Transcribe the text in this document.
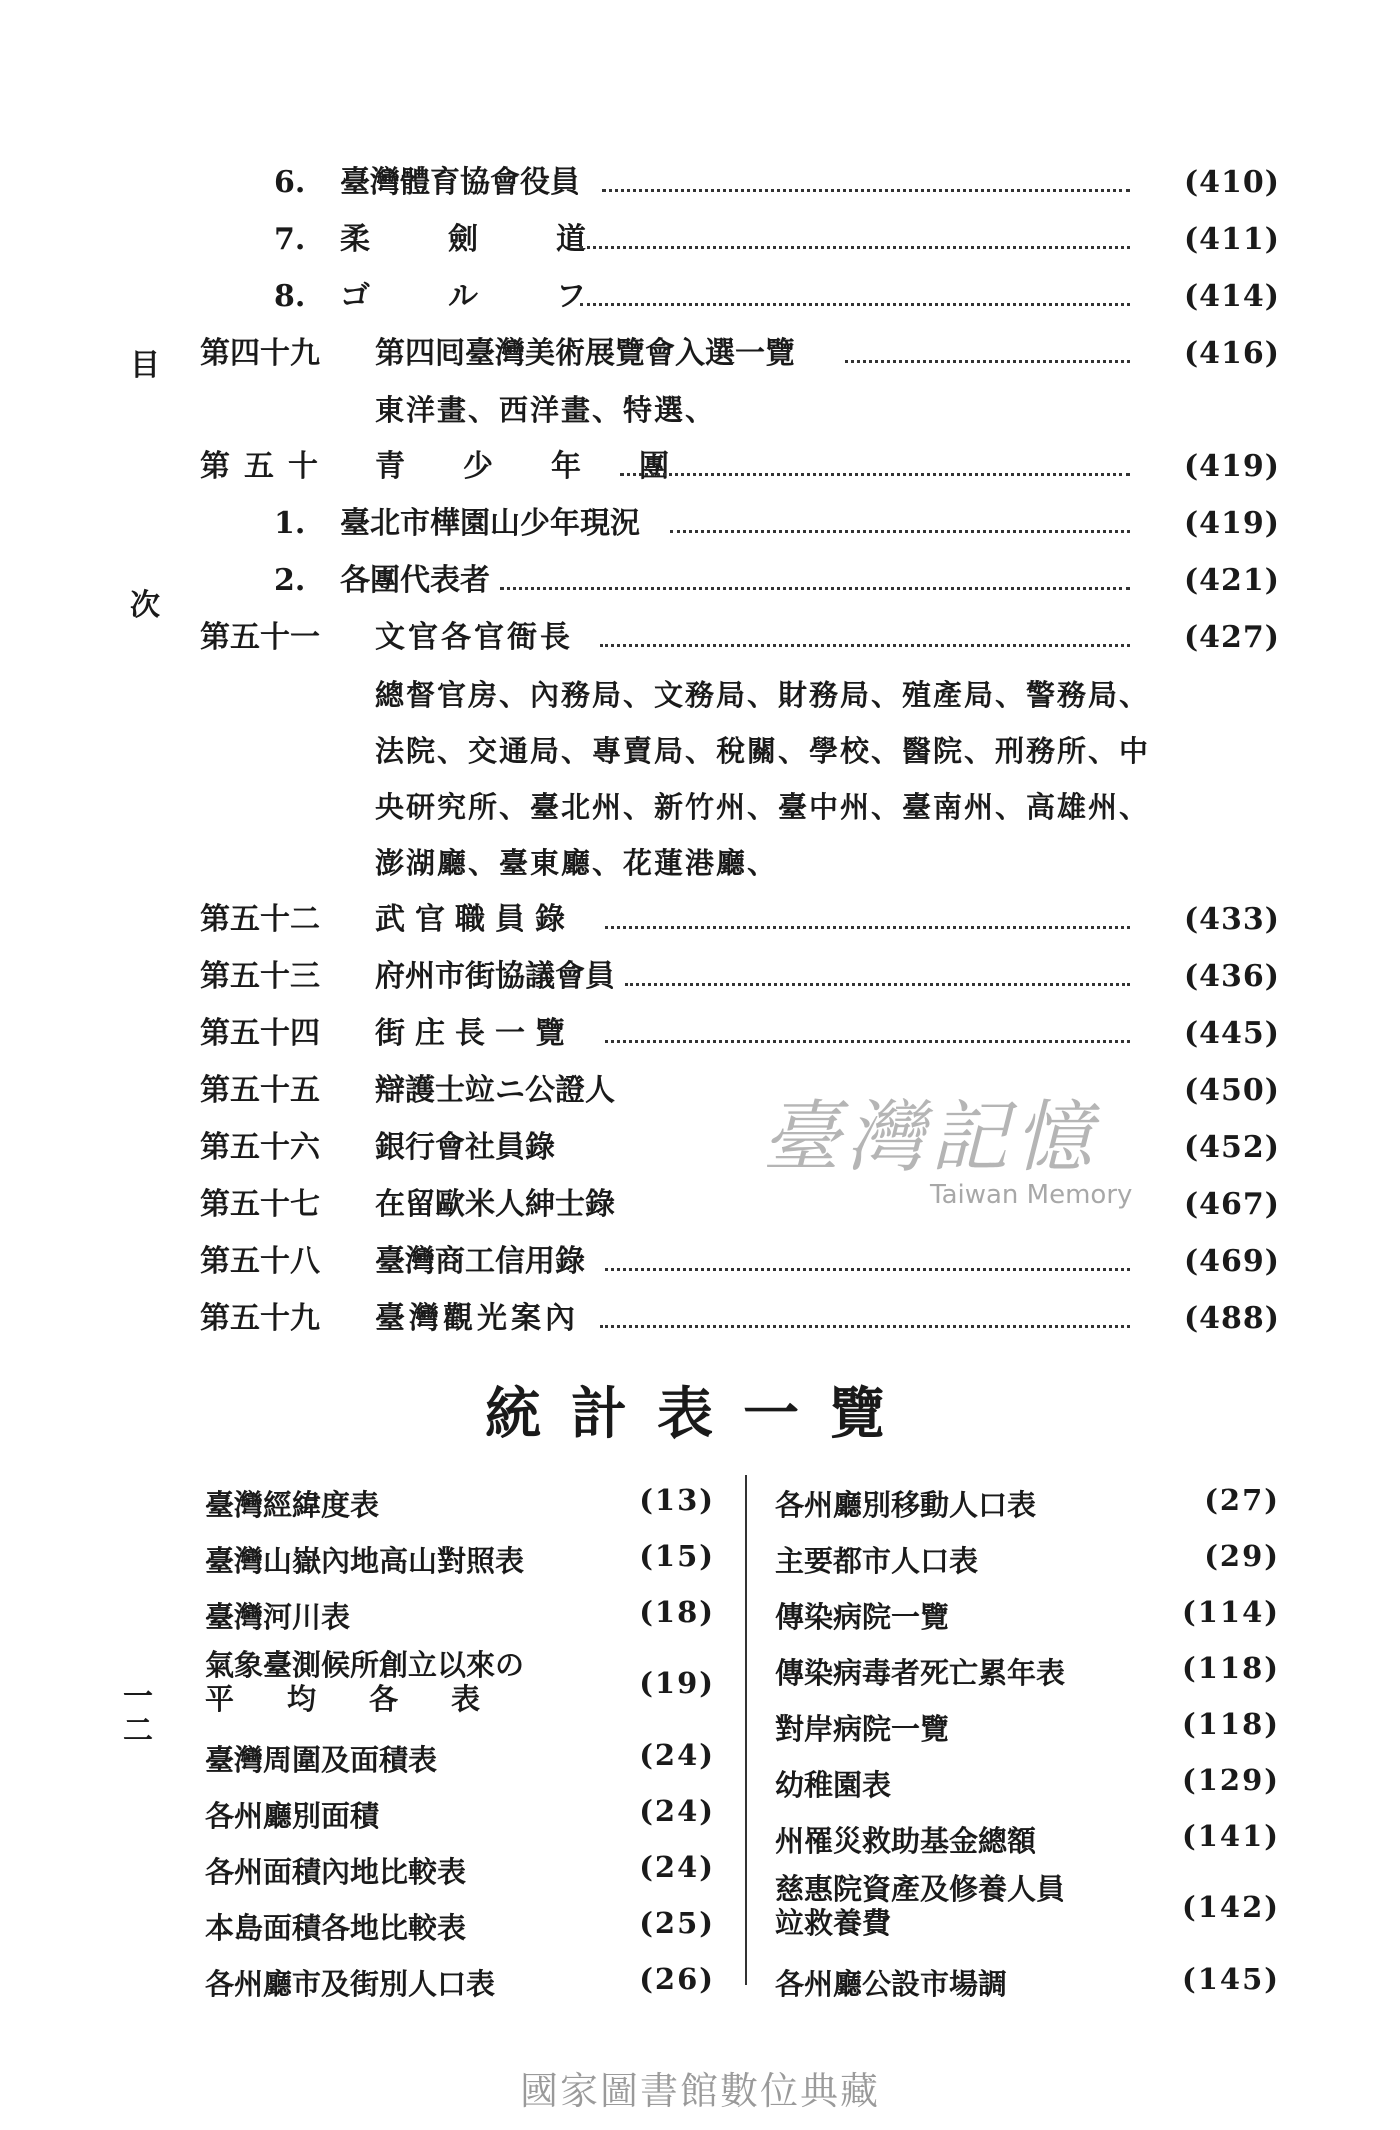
目
次
一二
6. 臺灣體育協會役員	(410)
7. 柔　劍　道	(411)
8. ゴ　ル　フ	(414)
第四十九 第四囘臺灣美術展覽會入選一覽	(416)
東洋畫、西洋畫、特選、
第五十 青　少　年　團	(419)
1. 臺北市樺園山少年現況	(419)
2. 各團代表者	(421)
第五十一 文官各官衙長	(427)
總督官房、內務局、文務局、財務局、殖產局、警務局、
法院、交通局、專賣局、稅關、學校、醫院、刑務所、中
央研究所、臺北州、新竹州、臺中州、臺南州、高雄州、
澎湖廳、臺東廳、花蓮港廳、
第五十二 武官職員錄	(433)
第五十三 府州市街協議會員	(436)
第五十四 街庄長一覽	(445)
第五十五 辯護士竝ニ公證人	(450)
第五十六 銀行會社員錄	(452)
第五十七 在留歐米人紳士錄	(467)
第五十八 臺灣商工信用錄	(469)
第五十九 臺灣觀光案內	(488)
臺灣記憶
Taiwan Memory
統計表一覽
臺灣經緯度表	(13)
臺灣山嶽內地高山對照表	(15)
臺灣河川表	(18)
氣象臺測候所創立以來の
平　均　各　表	(19)
臺灣周圍及面積表	(24)
各州廳別面積	(24)
各州面積內地比較表	(24)
本島面積各地比較表	(25)
各州廳市及街別人口表	(26)
各州廳別移動人口表	(27)
主要都市人口表	(29)
傳染病院一覽	(114)
傳染病毒者死亡累年表	(118)
對岸病院一覽	(118)
幼稚園表	(129)
州罹災救助基金總額	(141)
慈惠院資產及修養人員
竝救養費	(142)
各州廳公設市場調	(145)
國家圖書館數位典藏
